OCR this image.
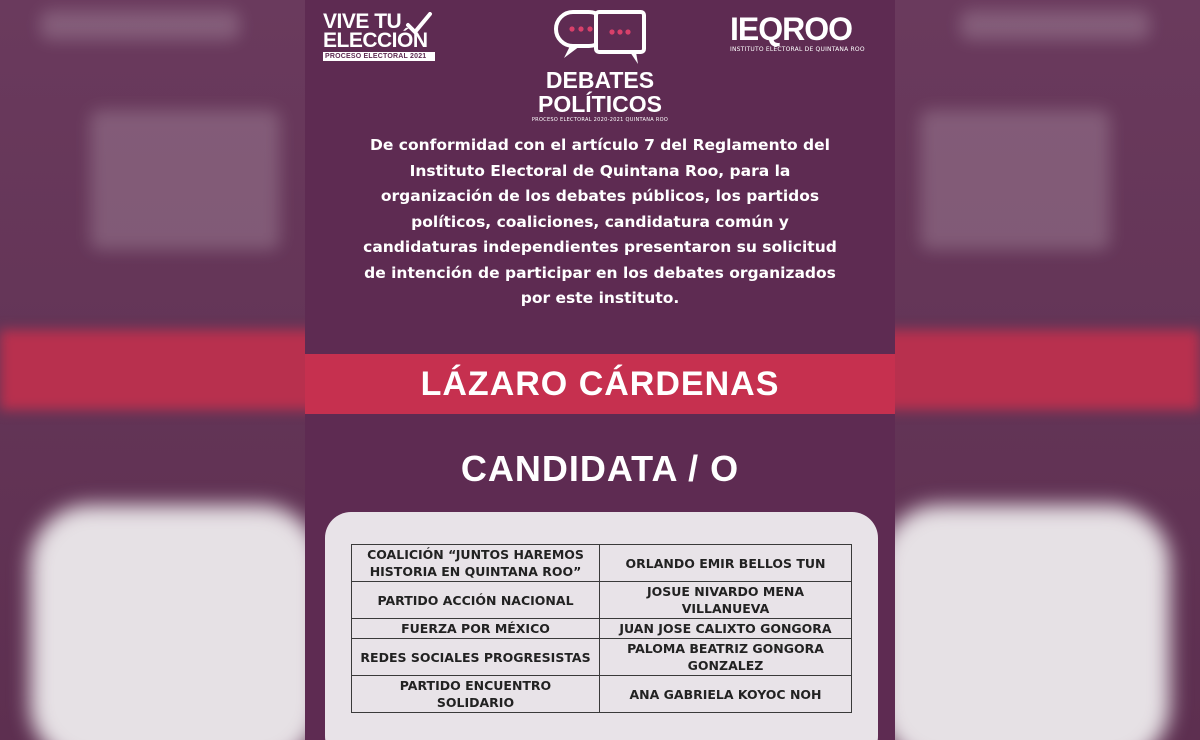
VIVE TU
ELECCIÓN
PROCESO ELECTORAL 2021
DEBATES
POLÍTICOS
PROCESO ELECTORAL 2020-2021 QUINTANA ROO
IEQROO
INSTITUTO ELECTORAL DE QUINTANA ROO
De conformidad con el artículo 7 del Reglamento del
Instituto Electoral de Quintana Roo, para la
organización de los debates públicos, los partidos
políticos, coaliciones, candidatura común y
candidaturas independientes presentaron su solicitud
de intención de participar en los debates organizados
por este instituto.
LÁZARO CÁRDENAS
CANDIDATA / O
COALICIÓN “JUNTOS HAREMOS
HISTORIA EN QUINTANA ROO”	ORLANDO EMIR BELLOS TUN

PARTIDO ACCIÓN NACIONAL	JOSUE NIVARDO MENA
VILLANUEVA

FUERZA POR MÉXICO	JUAN JOSE CALIXTO GONGORA

REDES SOCIALES PROGRESISTAS	PALOMA BEATRIZ GONGORA
GONZALEZ

PARTIDO ENCUENTRO
SOLIDARIO	ANA GABRIELA KOYOC NOH
